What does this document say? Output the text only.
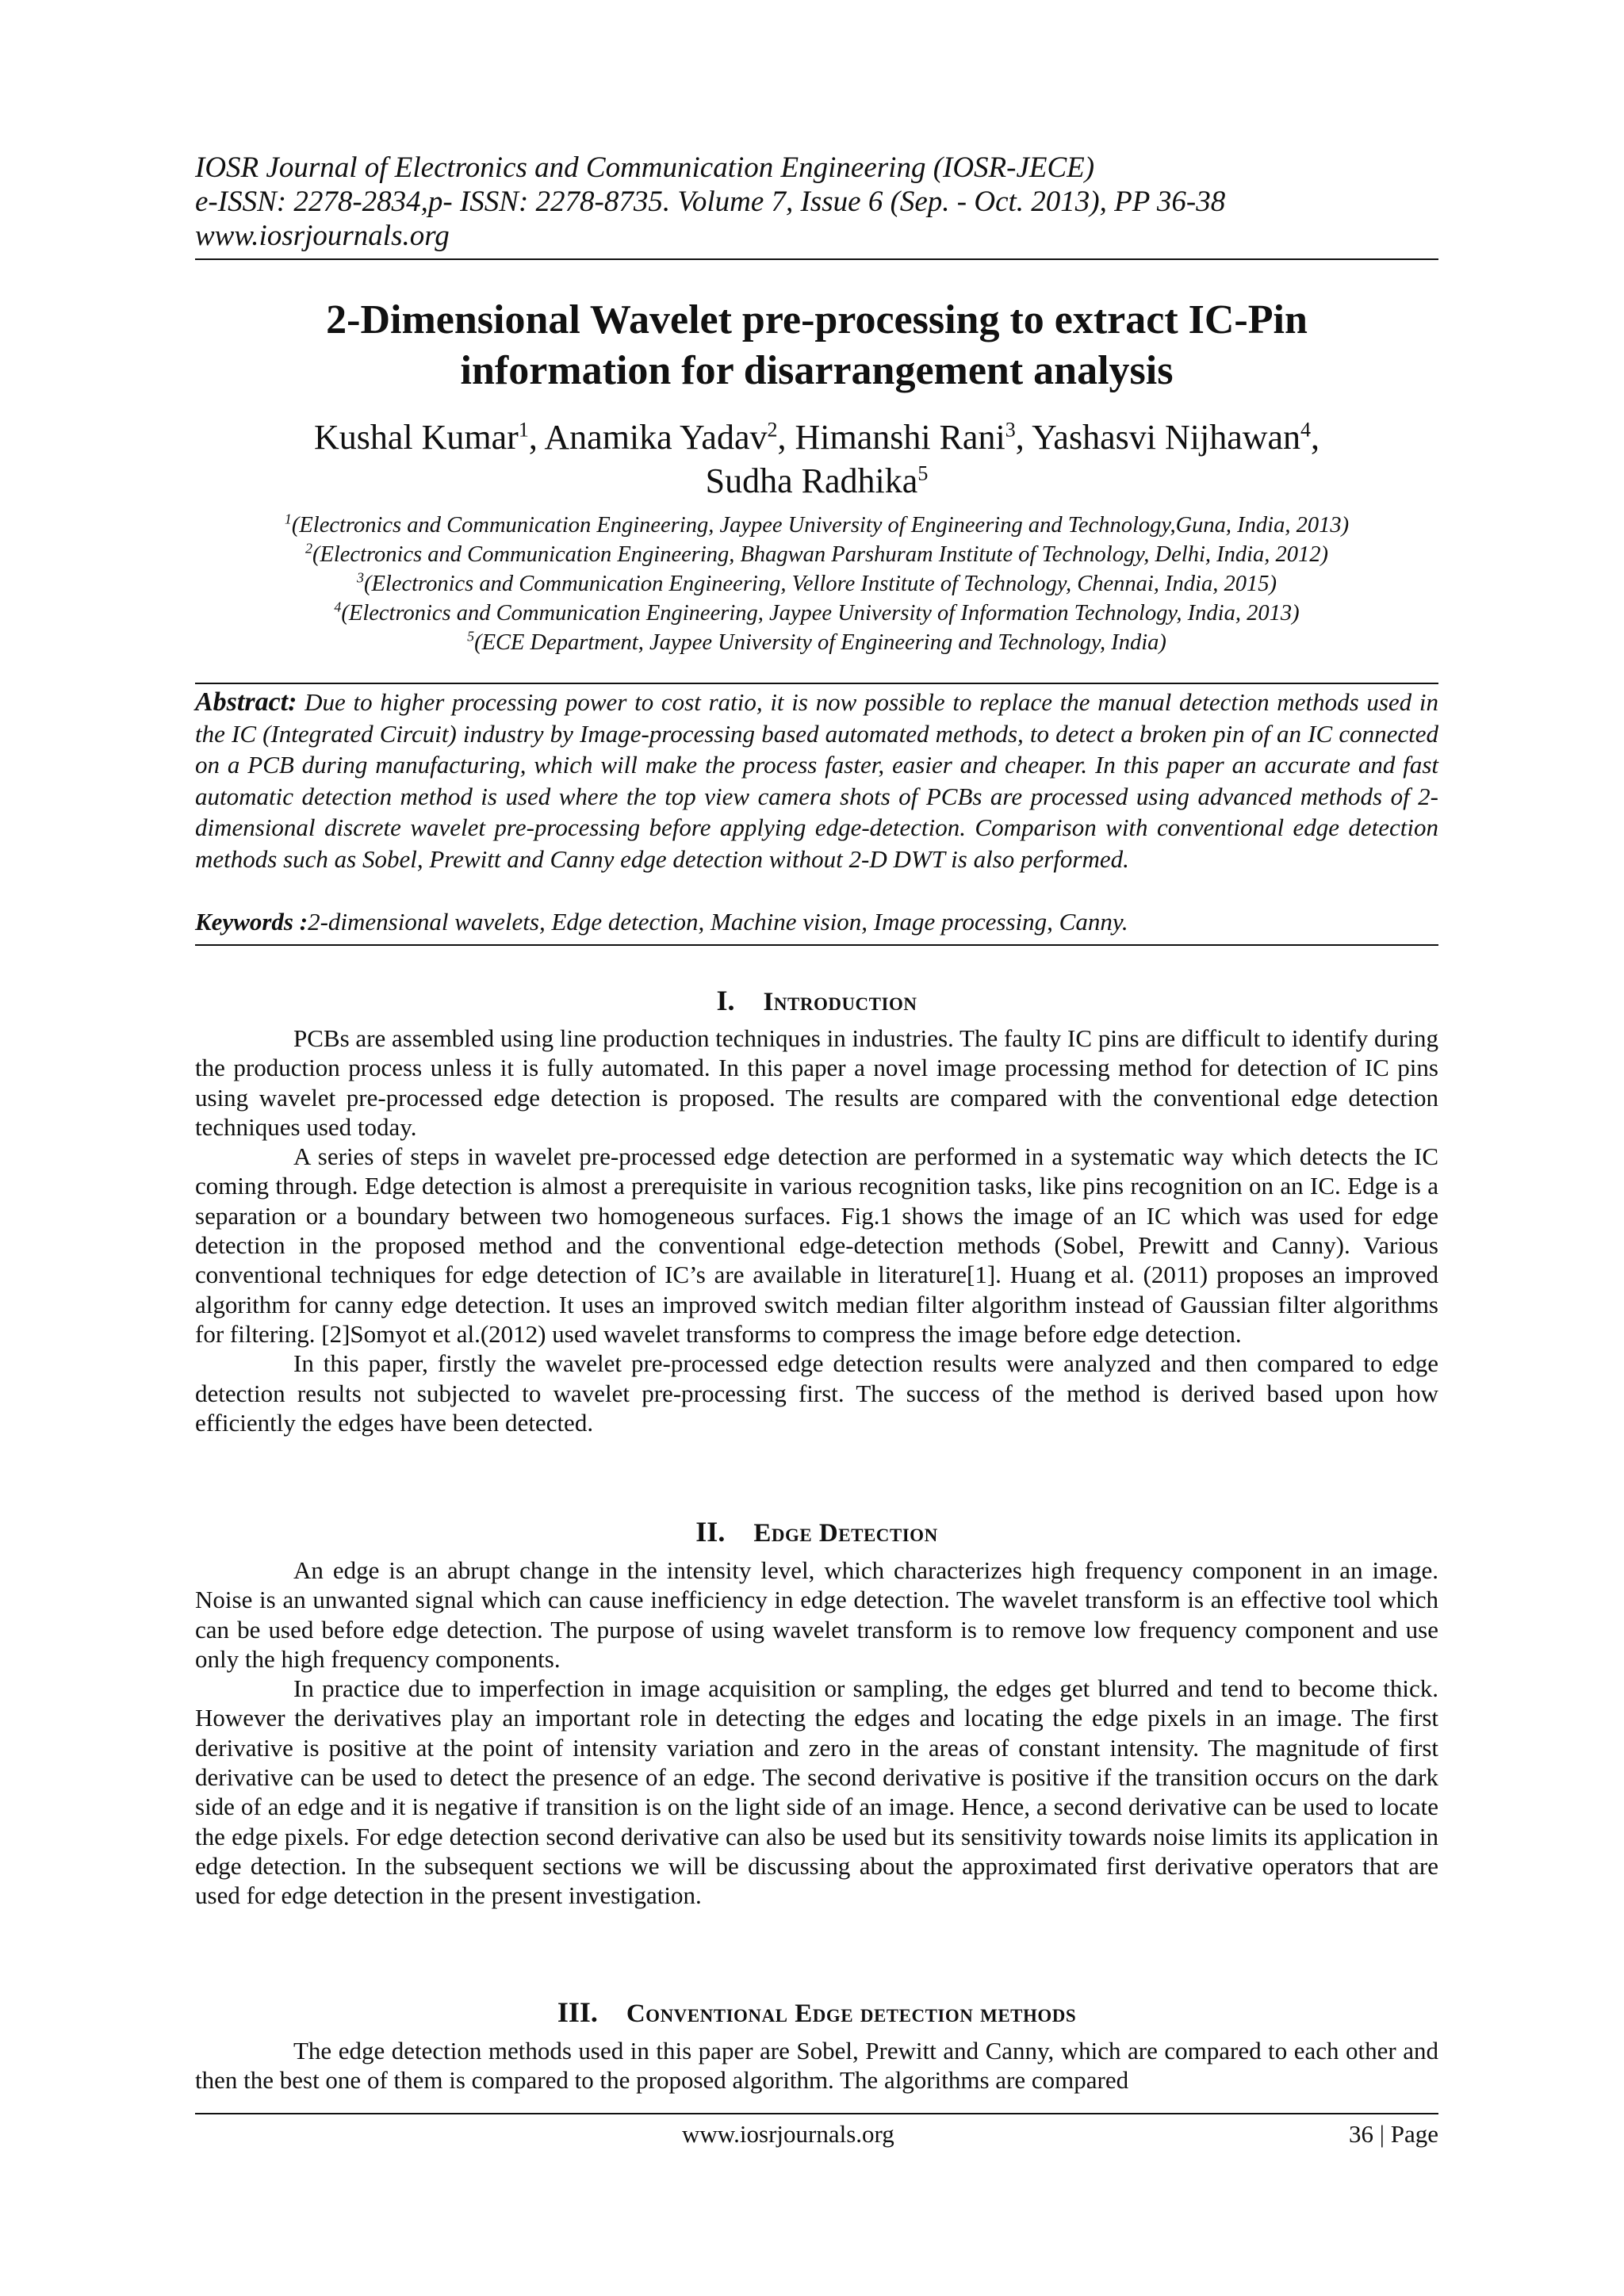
IOSR Journal of Electronics and Communication Engineering (IOSR-JECE)
e-ISSN: 2278-2834,p- ISSN: 2278-8735. Volume 7, Issue 6 (Sep. - Oct. 2013), PP 36-38
www.iosrjournals.org
2-Dimensional Wavelet pre-processing to extract IC-Pin
information for disarrangement analysis
Kushal Kumar$^1$, Anamika Yadav$^2$, Himanshi Rani$^3$, Yashasvi Nijhawan$^4$,
Sudha Radhika$^5$
$^1$(Electronics and Communication Engineering, Jaypee University of Engineering and Technology,Guna, India, 2013)
$^2$(Electronics and Communication Engineering, Bhagwan Parshuram Institute of Technology, Delhi, India, 2012)
$^3$(Electronics and Communication Engineering, Vellore Institute of Technology, Chennai, India, 2015)
$^4$(Electronics and Communication Engineering, Jaypee University of Information Technology, India, 2013)
$^5$(ECE Department, Jaypee University of Engineering and Technology, India)
Abstract: Due to higher processing power to cost ratio, it is now possible to replace the manual detection methods used in the IC (Integrated Circuit) industry by Image-processing based automated methods, to detect a broken pin of an IC connected on a PCB during manufacturing, which will make the process faster, easier and cheaper. In this paper an accurate and fast automatic detection method is used where the top view camera shots of PCBs are processed using advanced methods of 2-dimensional discrete wavelet pre-processing before applying edge-detection. Comparison with conventional edge detection methods such as Sobel, Prewitt and Canny edge detection without 2-D DWT is also performed.
Keywords :2-dimensional wavelets, Edge detection, Machine vision, Image processing, Canny.
I. Introduction

PCBs are assembled using line production techniques in industries. The faulty IC pins are difficult to identify during the production process unless it is fully automated. In this paper a novel image processing method for detection of IC pins using wavelet pre-processed edge detection is proposed. The results are compared with the conventional edge detection techniques used today.

A series of steps in wavelet pre-processed edge detection are performed in a systematic way which detects the IC coming through. Edge detection is almost a prerequisite in various recognition tasks, like pins recognition on an IC. Edge is a separation or a boundary between two homogeneous surfaces. Fig.1 shows the image of an IC which was used for edge detection in the proposed method and the conventional edge-detection methods (Sobel, Prewitt and Canny). Various conventional techniques for edge detection of IC’s are available in literature[1]. Huang et al. (2011) proposes an improved algorithm for canny edge detection. It uses an improved switch median filter algorithm instead of Gaussian filter algorithms for filtering. [2]Somyot et al.(2012) used wavelet transforms to compress the image before edge detection.

In this paper, firstly the wavelet pre-processed edge detection results were analyzed and then compared to edge detection results not subjected to wavelet pre-processing first. The success of the method is derived based upon how efficiently the edges have been detected.

II. Edge Detection

An edge is an abrupt change in the intensity level, which characterizes high frequency component in an image. Noise is an unwanted signal which can cause inefficiency in edge detection. The wavelet transform is an effective tool which can be used before edge detection. The purpose of using wavelet transform is to remove low frequency component and use only the high frequency components.

In practice due to imperfection in image acquisition or sampling, the edges get blurred and tend to become thick. However the derivatives play an important role in detecting the edges and locating the edge pixels in an image. The first derivative is positive at the point of intensity variation and zero in the areas of constant intensity. The magnitude of first derivative can be used to detect the presence of an edge. The second derivative is positive if the transition occurs on the dark side of an edge and it is negative if transition is on the light side of an image. Hence, a second derivative can be used to locate the edge pixels. For edge detection second derivative can also be used but its sensitivity towards noise limits its application in edge detection. In the subsequent sections we will be discussing about the approximated first derivative operators that are used for edge detection in the present investigation.

III. Conventional Edge detection methods

The edge detection methods used in this paper are Sobel, Prewitt and Canny, which are compared to each other and then the best one of them is compared to the proposed algorithm. The algorithms are compared

www.iosrjournals.org	36 | Page
